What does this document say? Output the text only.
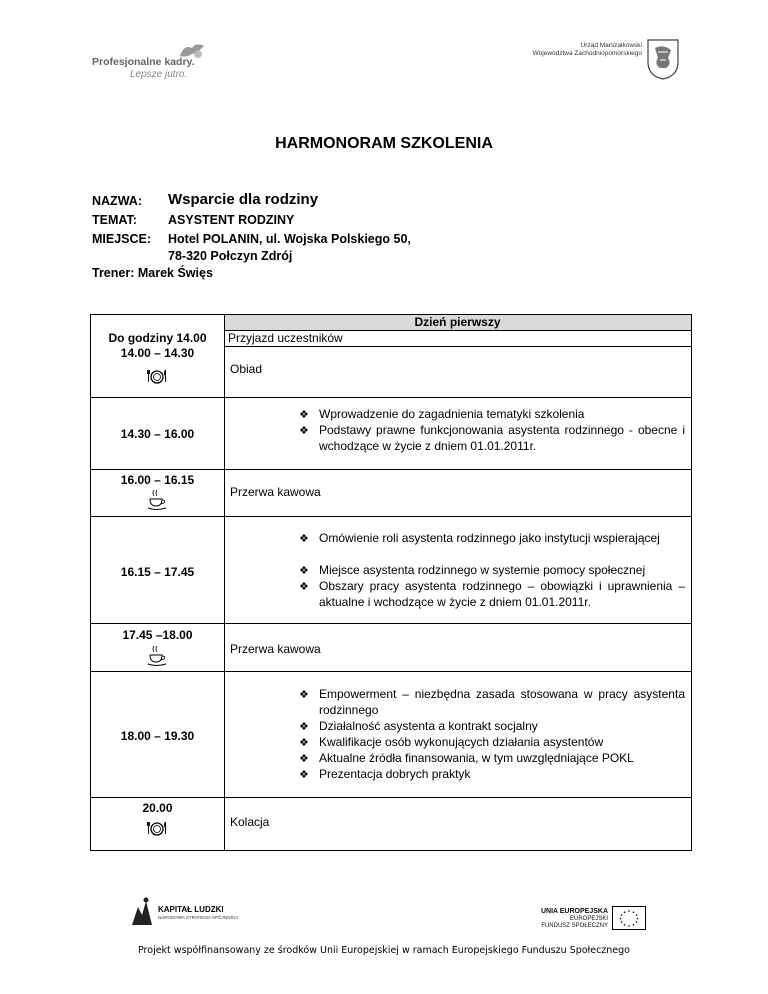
Profesjonalne kadry.
Lepsze jutro.
Urząd Marszałkowski
Województwa Zachodniopomorskiego
HARMONORAM SZKOLENIA
NAZWA: Wsparcie dla rodziny
TEMAT: ASYSTENT RODZINY
MIEJSCE: Hotel POLANIN, ul. Wojska Polskiego 50,
78-320 Połczyn Zdrój
Trener: Marek Święs
Dzień pierwszy
Do godziny 14.00
14.00 – 14.30
14.30 – 16.00
16.00 – 16.15
16.15 – 17.45
17.45 –18.00
18.00 – 19.30
20.00
Przyjazd uczestników
Obiad
❖ Wprowadzenie do zagadnienia tematyki szkolenia
❖ Podstawy prawne funkcjonowania asystenta rodzinnego - obecne i wchodzące w życie z dniem 01.01.2011r.
Przerwa kawowa
❖ Omówienie roli asystenta rodzinnego jako instytucji wspierającej
❖ Miejsce asystenta rodzinnego w systemie pomocy społecznej
❖ Obszary pracy asystenta rodzinnego – obowiązki i uprawnienia – aktualne i wchodzące w życie z dniem 01.01.2011r.
Przerwa kawowa
❖ Empowerment – niezbędna zasada stosowana w pracy asystenta rodzinnego
❖ Działalność asystenta a kontrakt socjalny
❖ Kwalifikacje osób wykonujących działania asystentów
❖ Aktualne źródła finansowania, w tym uwzględniające POKL
❖ Prezentacja dobrych praktyk
Kolacja
KAPITAŁ LUDZKI
NARODOWA STRATEGIA SPÓJNOŚCI
UNIA EUROPEJSKA
EUROPEJSKI
FUNDUSZ SPOŁECZNY
Projekt współfinansowany ze środków Unii Europejskiej w ramach Europejskiego Funduszu Społecznego
